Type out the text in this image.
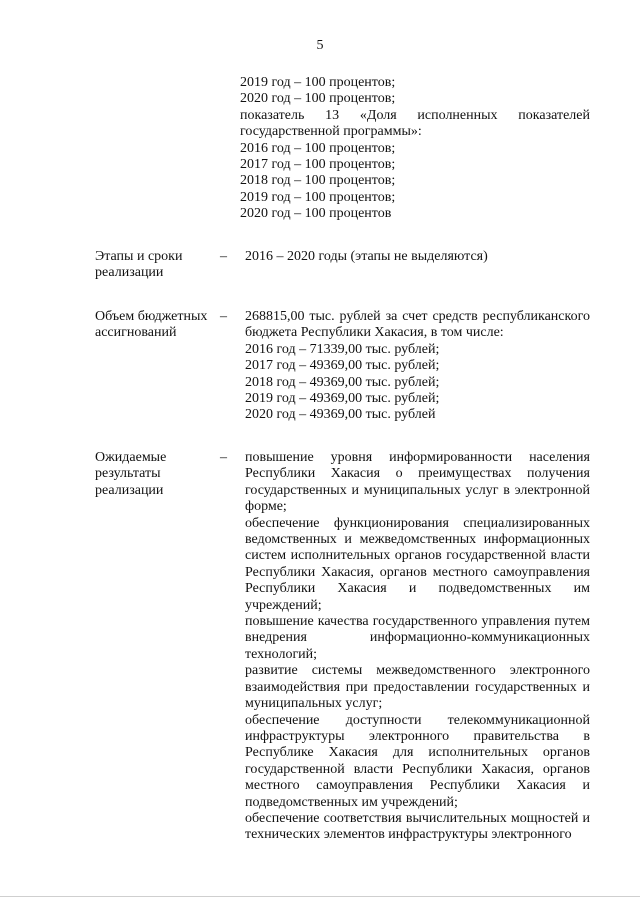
5
2019 год – 100 процентов;
2020 год – 100 процентов;
показатель 13 «Доля исполненных показателей государственной программы»:
2016 год – 100 процентов;
2017 год – 100 процентов;
2018 год – 100 процентов;
2019 год – 100 процентов;
2020 год – 100 процентов
Этапы и сроки
реализации
–	2016 – 2020 годы (этапы не выделяются)
Объем бюджетных
ассигнований
–	268815,00 тыс. рублей за счет средств республиканского бюджета Республики Хакасия, в том числе:
2016 год – 71339,00 тыс. рублей;
2017 год – 49369,00 тыс. рублей;
2018 год – 49369,00 тыс. рублей;
2019 год – 49369,00 тыс. рублей;
2020 год – 49369,00 тыс. рублей
Ожидаемые
результаты
реализации
–	повышение уровня информированности населения Республики Хакасия о преимуществах получения государственных и муниципальных услуг в электронной форме;
обеспечение функционирования специализированных ведомственных и межведомственных информационных систем исполнительных органов государственной власти Республики Хакасия, органов местного самоуправления Республики Хакасия и подведомственных им учреждений;
повышение качества государственного управления путем внедрения информационно-коммуникационных технологий;
развитие системы межведомственного электронного взаимодействия при предоставлении государственных и муниципальных услуг;
обеспечение доступности телекоммуникационной инфраструктуры электронного правительства в Республике Хакасия для исполнительных органов государственной власти Республики Хакасия, органов местного самоуправления Республики Хакасия и подведомственных им учреждений;
обеспечение соответствия вычислительных мощностей и технических элементов инфраструктуры электронного
